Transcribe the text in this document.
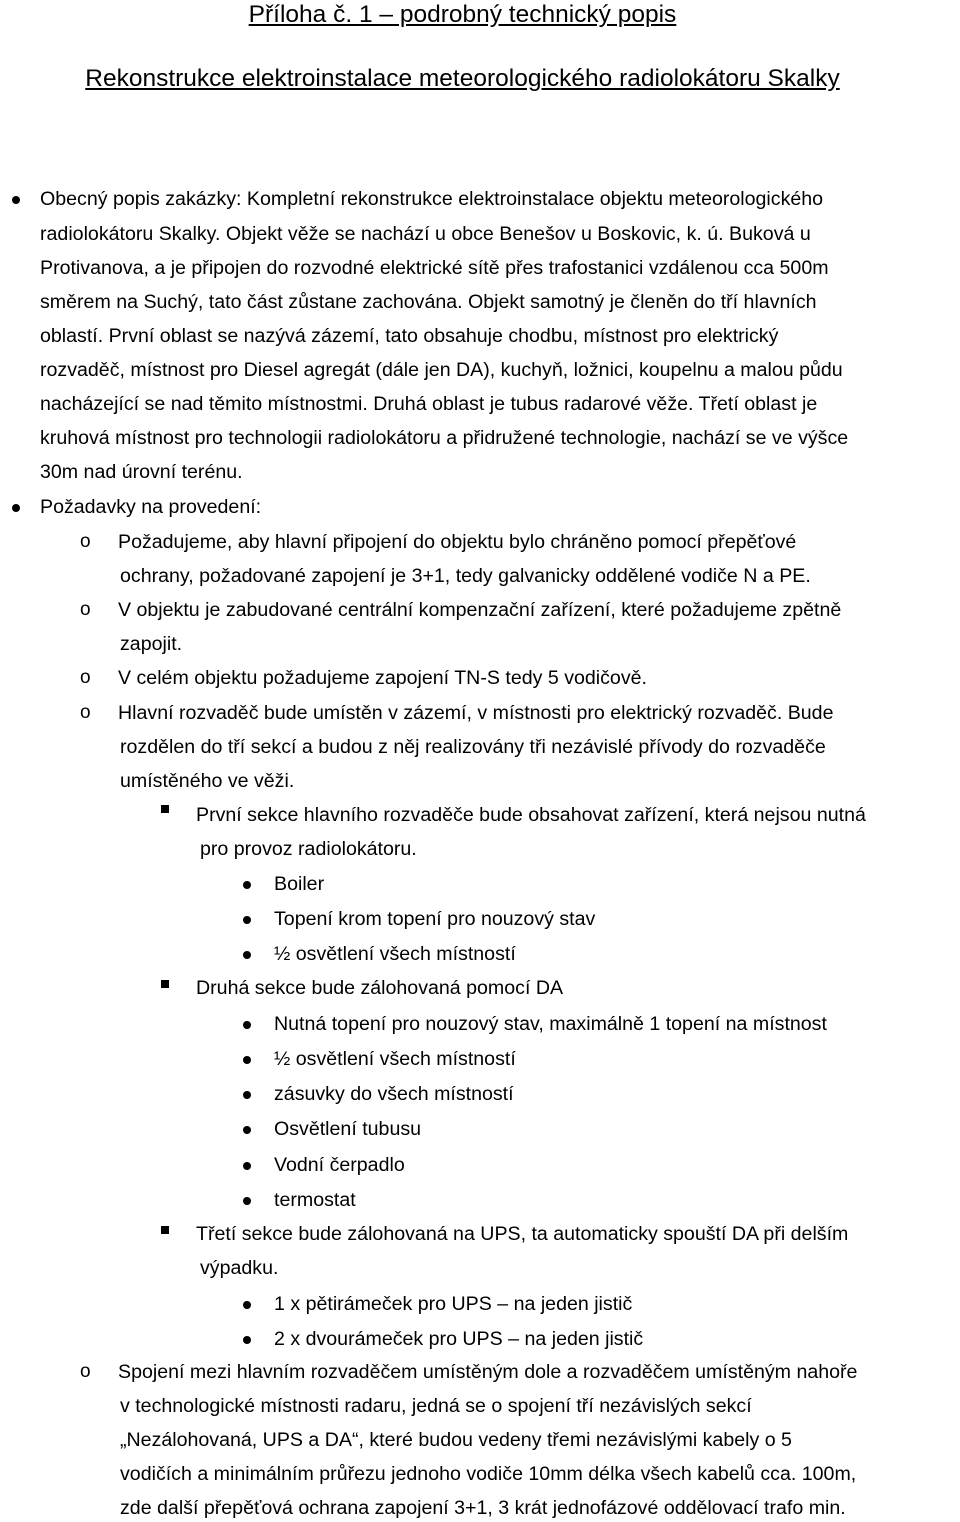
Příloha č. 1 – podrobný technický popis
Rekonstrukce elektroinstalace meteorologického radiolokátoru Skalky
Obecný popis zakázky: Kompletní rekonstrukce elektroinstalace objektu meteorologického
radiolokátoru Skalky. Objekt věže se nachází u obce Benešov u Boskovic, k. ú. Buková u
Protivanova, a je připojen do rozvodné elektrické sítě přes trafostanici vzdálenou cca 500m
směrem na Suchý, tato část zůstane zachována. Objekt samotný je členěn do tří hlavních
oblastí. První oblast se nazývá zázemí, tato obsahuje chodbu, místnost pro elektrický
rozvaděč, místnost pro Diesel agregát (dále jen DA), kuchyň, ložnici, koupelnu a malou půdu
nacházející se nad těmito místnostmi. Druhá oblast je tubus radarové věže. Třetí oblast je
kruhová místnost pro technologii radiolokátoru a přidružené technologie, nachází se ve výšce
30m nad úrovní terénu.
Požadavky na provedení:
o Požadujeme, aby hlavní připojení do objektu bylo chráněno pomocí přepěťové
ochrany, požadované zapojení je 3+1, tedy galvanicky oddělené vodiče N a PE.
o V objektu je zabudované centrální kompenzační zařízení, které požadujeme zpětně
zapojit.
o V celém objektu požadujeme zapojení TN-S tedy 5 vodičově.
o Hlavní rozvaděč bude umístěn v zázemí, v místnosti pro elektrický rozvaděč. Bude
rozdělen do tří sekcí a budou z něj realizovány tři nezávislé přívody do rozvaděče
umístěného ve věži.
První sekce hlavního rozvaděče bude obsahovat zařízení, která nejsou nutná
pro provoz radiolokátoru.
Boiler
Topení krom topení pro nouzový stav
½ osvětlení všech místností
Druhá sekce bude zálohovaná pomocí DA
Nutná topení pro nouzový stav, maximálně 1 topení na místnost
½ osvětlení všech místností
zásuvky do všech místností
Osvětlení tubusu
Vodní čerpadlo
termostat
Třetí sekce bude zálohovaná na UPS, ta automaticky spouští DA při delším
výpadku.
1 x pětirámeček pro UPS – na jeden jistič
2 x dvourámeček pro UPS – na jeden jistič
o Spojení mezi hlavním rozvaděčem umístěným dole a rozvaděčem umístěným nahoře
v technologické místnosti radaru, jedná se o spojení tří nezávislých sekcí
„Nezálohovaná, UPS a DA“, které budou vedeny třemi nezávislými kabely o 5
vodičích a minimálním průřezu jednoho vodiče 10mm délka všech kabelů cca. 100m,
zde další přepěťová ochrana zapojení 3+1, 3 krát jednofázové oddělovací trafo min.
